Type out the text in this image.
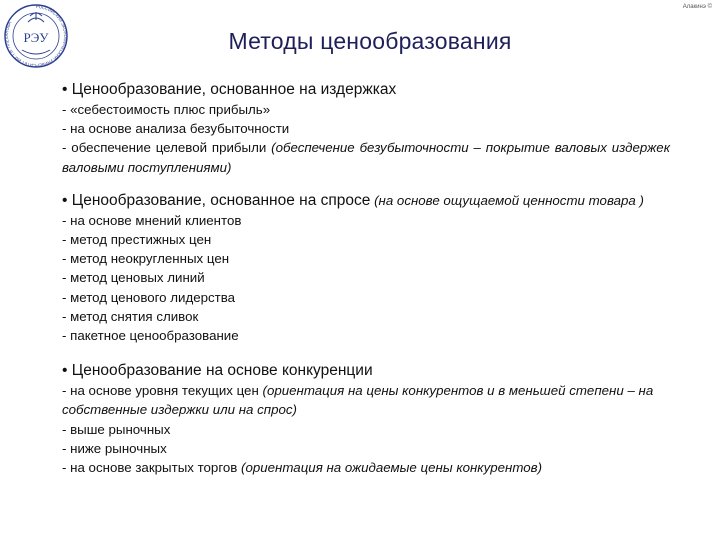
РЭУ
РОССИЙСКИЙ ЭКОНОМИЧЕСКИЙ УНИВЕРСИТЕТ ИМ. Г.В. ПЛЕХАНОВА
Алакинэ ©
Методы ценообразования
• Ценообразование, основанное на издержках
- «себестоимость плюс прибыль»
- на основе анализа безубыточности
- обеспечение целевой прибыли (обеспечение безубыточности – покрытие валовых издержек валовыми поступлениями)
• Ценообразование, основанное на спросе (на основе ощущаемой ценности товара )
- на основе мнений клиентов
- метод престижных цен
- метод неокругленных цен
- метод ценовых линий
- метод ценового лидерства
- метод снятия сливок
- пакетное ценообразование
• Ценообразование на основе конкуренции
- на основе уровня текущих цен (ориентация на цены конкурентов и в меньшей степени – на собственные издержки или на спрос)
- выше рыночных
- ниже рыночных
- на основе закрытых торгов (ориентация на ожидаемые цены конкурентов)
